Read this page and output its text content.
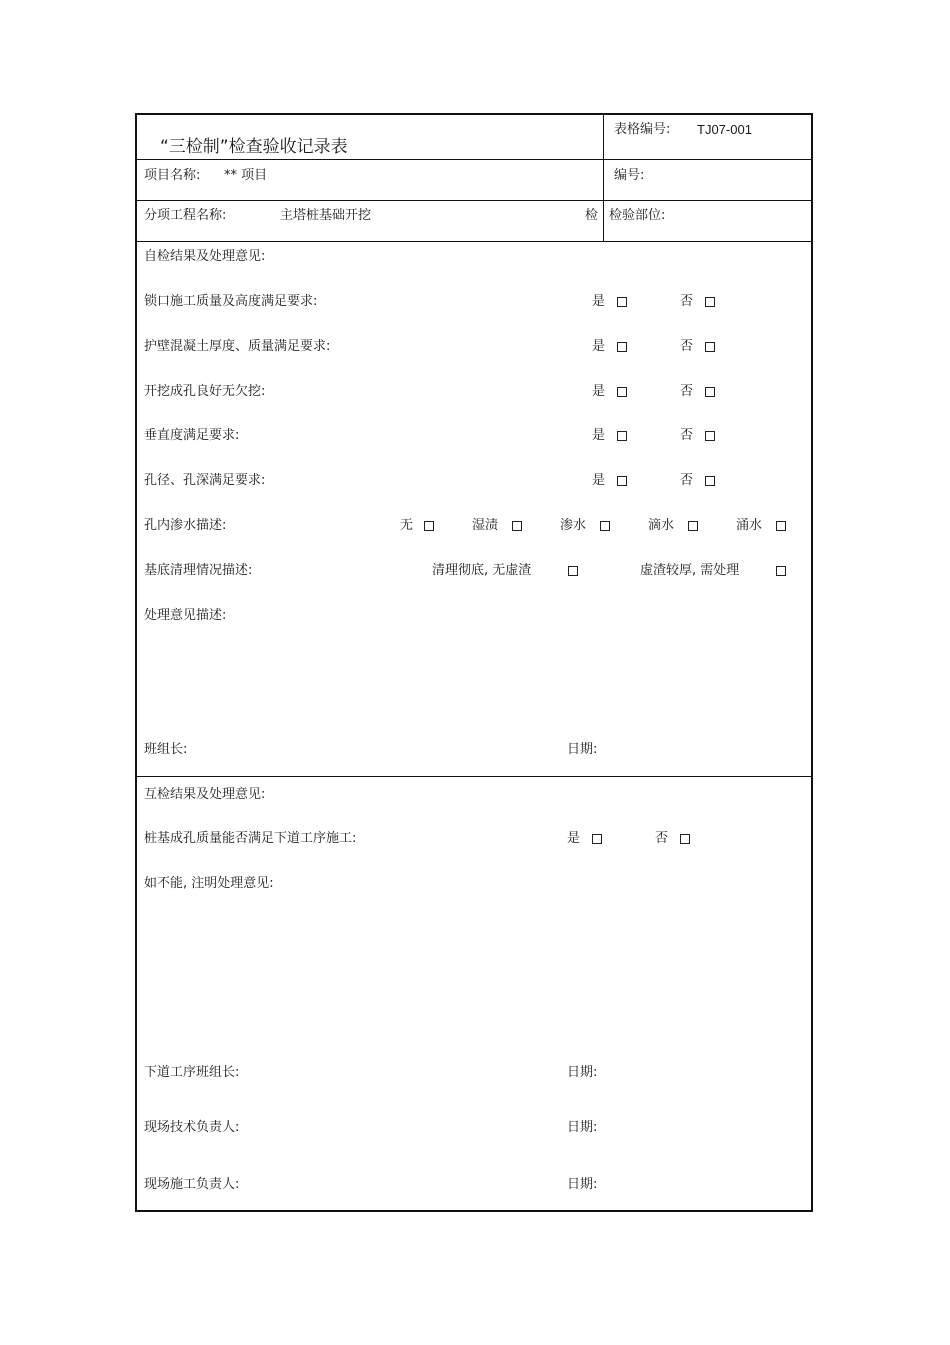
“三检制”检查验收记录表
表格编号: TJ07-001
项目名称: ** 项目	编号:
分项工程名称:	主塔桩基础开挖	检 检验部位:
自检结果及处理意见:
锁口施工质量及高度满足要求:	是	否
护壁混凝土厚度、质量满足要求:	是	否
开挖成孔良好无欠挖:	是	否
垂直度满足要求:	是	否
孔径、孔深满足要求:	是	否
孔内渗水描述:	无	湿渍	渗水	滴水	涌水
基底清理情况描述:	清理彻底, 无虚渣	虚渣较厚, 需处理
处理意见描述:
班组长:	日期:
互检结果及处理意见:
桩基成孔质量能否满足下道工序施工:	是	否
如不能, 注明处理意见:
下道工序班组长:	日期:
现场技术负责人:	日期:
现场施工负责人:	日期:
